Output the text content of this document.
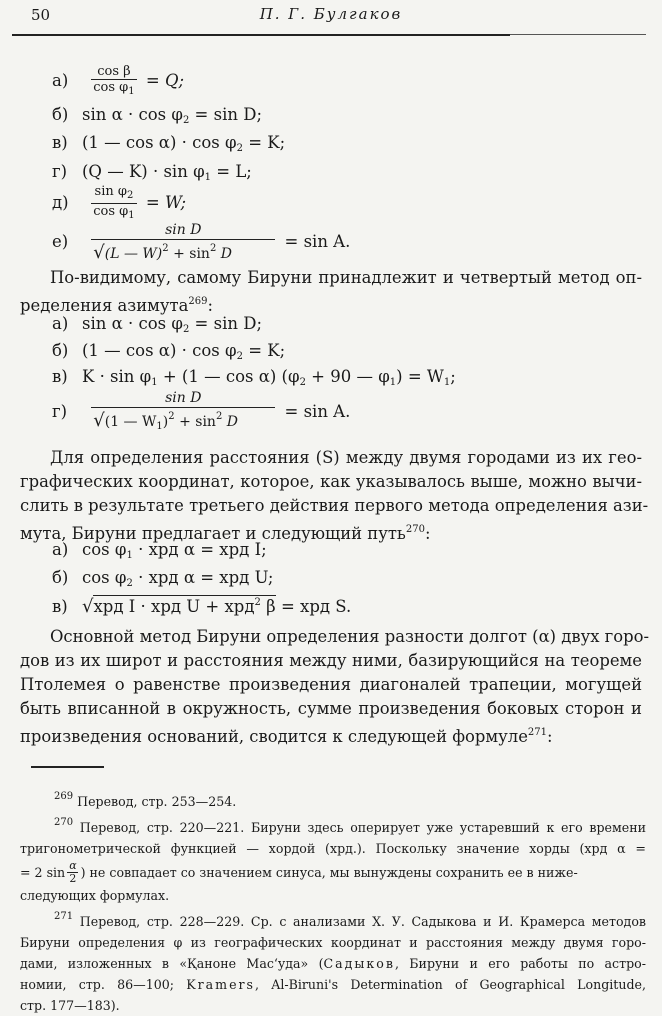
50	П. Г. Булгаков
$а) \frac{\text{cos β}}{\cos \varphi_1} = Q$;
б) $\sin \alpha \cdot \cos \varphi_2 = \sin D$;
в) (1 — $\cos \alpha) \cdot \cos \varphi_2 = K$;
г) (Q — $K) \cdot \sin \varphi_1 = L$;
$д) \frac{\sin \varphi_2}{\cos \varphi_1} = W$;
$е) \frac{\text{sin D}}{√(L — W)^2 + \sin^2 D} = \sin A$.
По-видимому, самому Бируни принадлежит и четвертый метод оп-
ределения азимута$^{269}$:
а) $\sin \alpha \cdot \cos \varphi_2 = \sin D$;
б) (1 — $\cos \alpha) \cdot \cos \varphi_2 = K$;
в) $K \cdot \sin \varphi_1 + (1$ — cos α) ($\varphi_2 + 90$ — $\varphi_1) = W_1$;
$г) \frac{\text{sin D}}{√(1 — W_1)^2 + \sin^2 D} = \sin A$.
Для определения расстояния (S) между двумя городами из их гео-
графических координат, которое, как указывалось выше, можно вычи-
слить в результате третьего действия первого метода определения ази-
мута, Бируни предлагает и следующий путь$^{270}$:
а) $\cos \varphi_1$ · хрд α = хрд I;
б) $\cos \varphi_2$ · хрд α = хрд U;
в) √хрд I · хрд U + хрд$^2$ β = хрд S.
Основной метод Бируни определения разности долгот (α) двух горо-
дов из их широт и расстояния между ними, базирующийся на теореме
Птолемея о равенстве произведения диагоналей трапеции, могущей
быть вписанной в окружность, сумме произведения боковых сторон и
произведения оснований, сводится к следующей формуле$^{271}$:
$^{269}$ Перевод, стр. 253—254.
$^{270}$ Перевод, стр. 220—221. Бируни здесь оперирует уже устаревший к его времени
тригонометрической функцией — хордой (хрд.). Поскольку значение хорды (хрд α =
= 2 $\sin \frac{\alpha}{2}$ ) не совпадает со значением синуса, мы вынуждены сохранить ее в ниже-
следующих формулах.
$^{271}$ Перевод, стр. 228—229. Ср. с анализами Х. У. Садыкова и И. Крамерса методов
Бируни определения φ из географических координат и расстояния между двумя горо-
дами, изложенных в «Қаноне Мас‘уда» (Садыков, Бируни и его работы по астро-
номии, стр. 86—100; Kramers, Al-Biruni's Determination of Geographical Longitude,
стр. 177—183).
